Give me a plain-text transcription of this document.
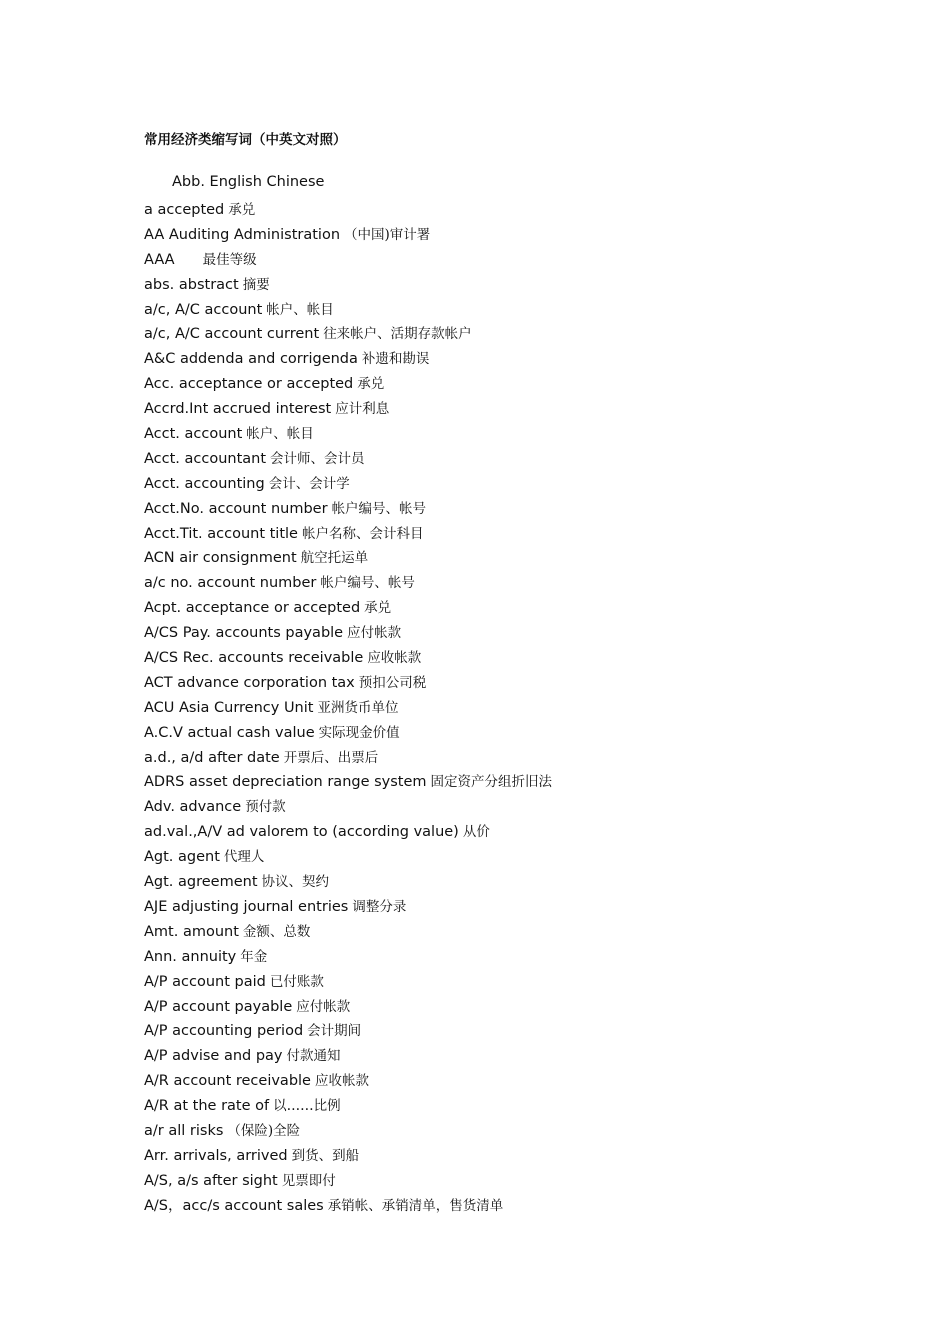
常用经济类缩写词（中英文对照）
Abb. English Chinese
a accepted 承兑
AA Auditing Administration （中国)审计署
AAA 最佳等级
abs. abstract 摘要
a/c, A/C account 帐户、帐目
a/c, A/C account current 往来帐户、活期存款帐户
A&C addenda and corrigenda 补遗和勘误
Acc. acceptance or accepted 承兑
Accrd.Int accrued interest 应计利息
Acct. account 帐户、帐目
Acct. accountant 会计师、会计员
Acct. accounting 会计、会计学
Acct.No. account number 帐户编号、帐号
Acct.Tit. account title 帐户名称、会计科目
ACN air consignment 航空托运单
a/c no. account number 帐户编号、帐号
Acpt. acceptance or accepted 承兑
A/CS Pay. accounts payable 应付帐款
A/CS Rec. accounts receivable 应收帐款
ACT advance corporation tax 预扣公司税
ACU Asia Currency Unit 亚洲货币单位
A.C.V actual cash value 实际现金价值
a.d., a/d after date 开票后、出票后
ADRS asset depreciation range system 固定资产分组折旧法
Adv. advance 预付款
ad.val.,A/V ad valorem to (according value) 从价
Agt. agent 代理人
Agt. agreement 协议、契约
AJE adjusting journal entries 调整分录
Amt. amount 金额、总数
Ann. annuity 年金
A/P account paid 已付账款
A/P account payable 应付帐款
A/P accounting period 会计期间
A/P advise and pay 付款通知
A/R account receivable 应收帐款
A/R at the rate of 以……比例
a/r all risks （保险)全险
Arr. arrivals, arrived 到货、到船
A/S, a/s after sight 见票即付
A/S，acc/s account sales 承销帐、承销清单，售货清单
